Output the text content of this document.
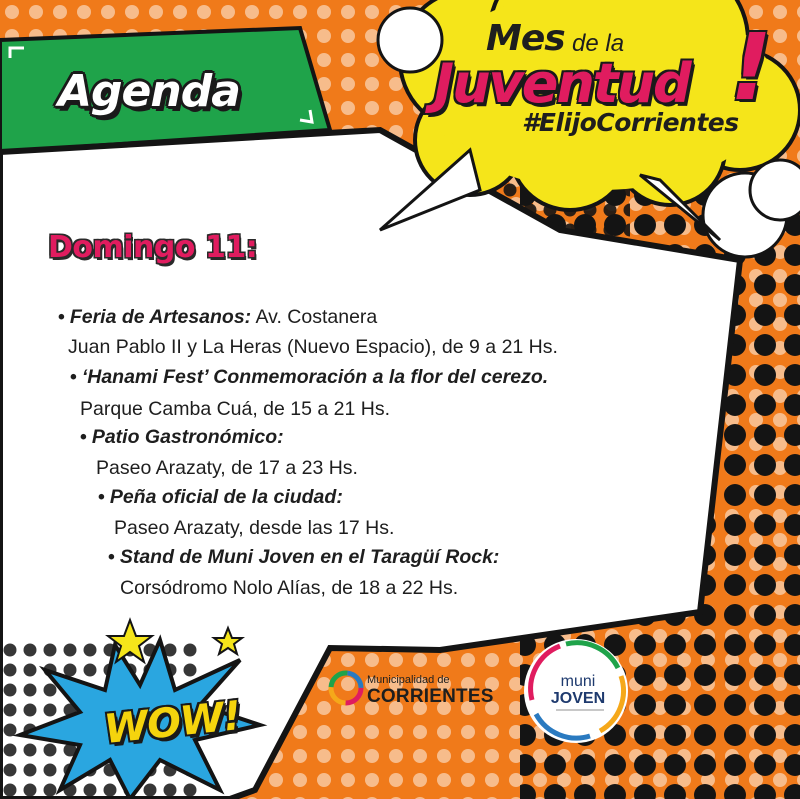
Agenda
Mes de la
Juventud !
#ElijoCorrientes
Domingo 11:
• Feria de Artesanos: Av. Costanera
Juan Pablo II y La Heras (Nuevo Espacio), de 9 a 21 Hs.
• ‘Hanami Fest’ Conmemoración a la flor del cerezo.
Parque Camba Cuá, de 15 a 21 Hs.
• Patio Gastronómico:
Paseo Arazaty, de 17 a 23 Hs.
• Peña oficial de la ciudad:
Paseo Arazaty, desde las 17 Hs.
• Stand de Muni Joven en el Taragüí Rock:
Corsódromo Nolo Alías, de 18 a 22 Hs.
WOW!
Municipalidad de
CORRIENTES
muni
JOVEN
